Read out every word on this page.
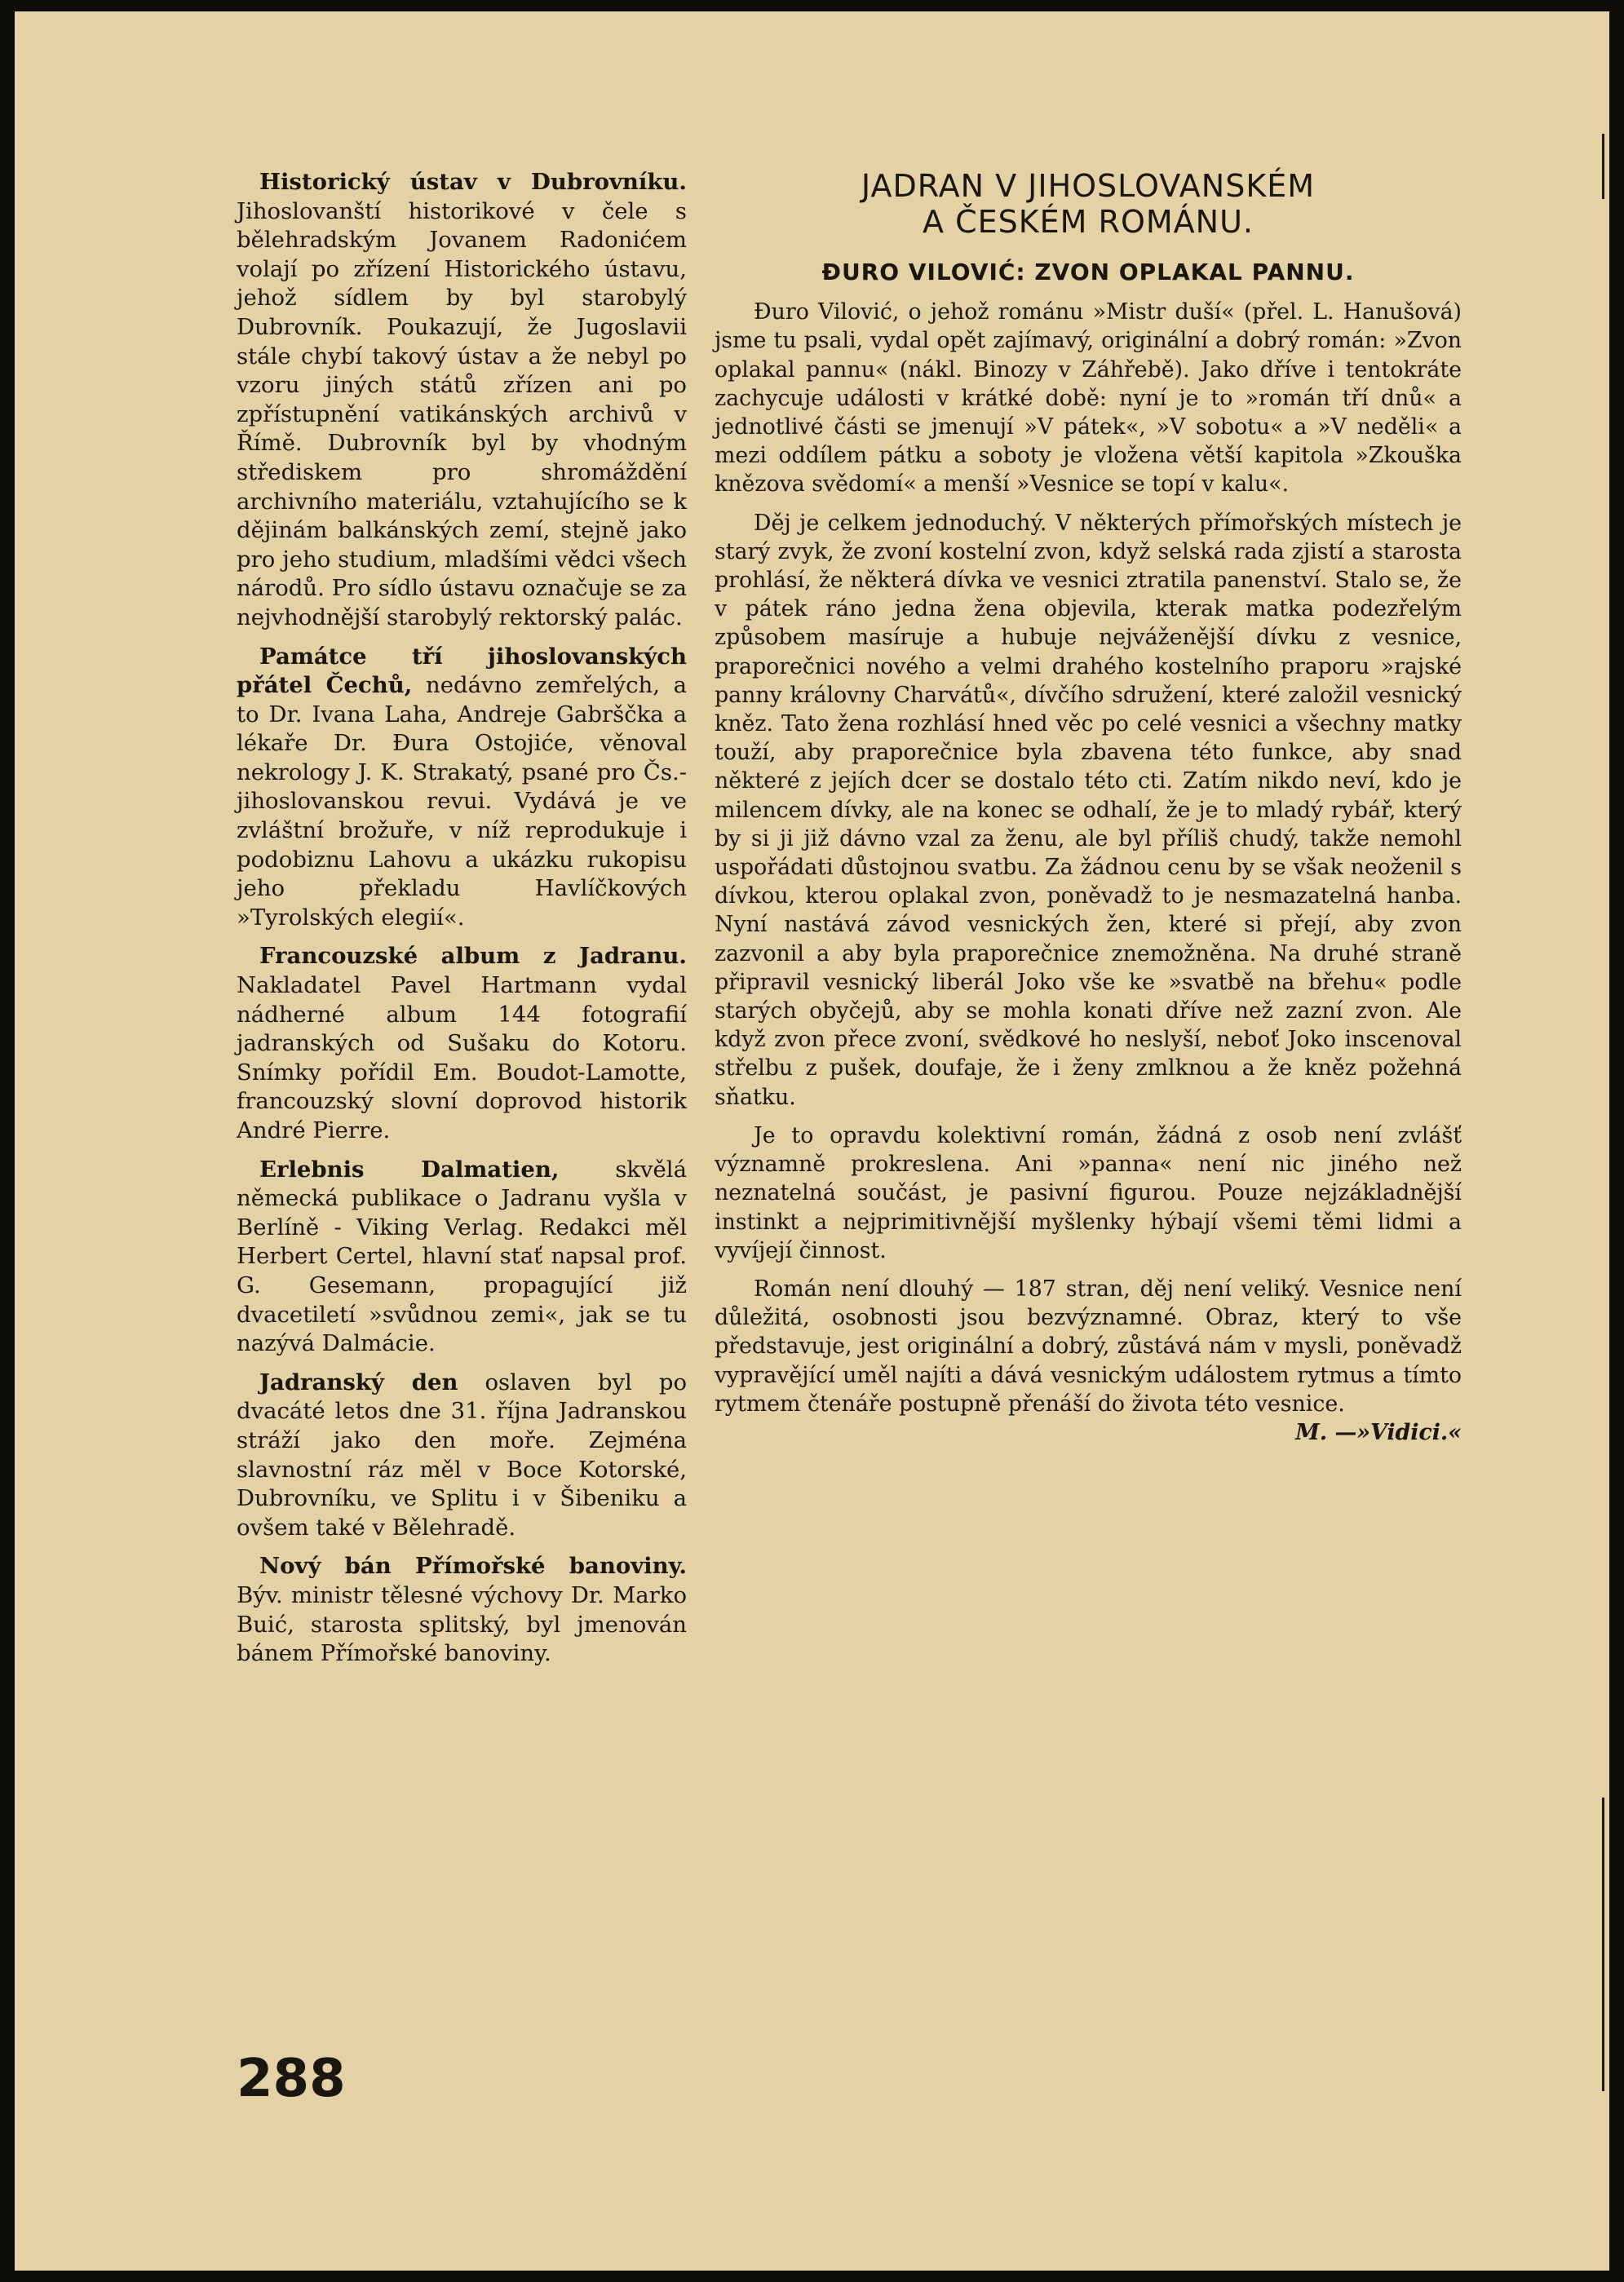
Historický ústav v Dubrovníku. Jihoslovanští historikové v čele s bělehradským Jovanem Radonićem volají po zřízení Historického ústavu, jehož sídlem by byl starobylý Dubrovník. Poukazují, že Jugoslavii stále chybí takový ústav a že nebyl po vzoru jiných států zřízen ani po zpřístupnění vatikánských archivů v Římě. Dubrovník byl by vhodným střediskem pro shromáždění archivního materiálu, vztahujícího se k dějinám balkánských zemí, stejně jako pro jeho studium, mladšími vědci všech národů. Pro sídlo ústavu označuje se za nejvhodnější starobylý rektorský palác.

Památce tří jihoslovanských přátel Čechů, nedávno zemřelých, a to Dr. Ivana Laha, Andreje Gabrščka a lékaře Dr. Đura Ostojiće, věnoval nekrology J. K. Strakatý, psané pro Čs.-jihoslovanskou revui. Vydává je ve zvláštní brožuře, v níž reprodukuje i podobiznu Lahovu a ukázku rukopisu jeho překladu Havlíčkových »Tyrolských elegií«.

Francouzské album z Jadranu. Nakladatel Pavel Hartmann vydal nádherné album 144 fotografií jadranských od Sušaku do Kotoru. Snímky pořídil Em. Boudot-Lamotte, francouzský slovní doprovod historik André Pierre.

Erlebnis Dalmatien,	skvělá německá publikace o Jadranu vyšla v Berlíně - Viking Verlag. Redakci měl Herbert Certel, hlavní stať napsal prof. G. Gesemann, propagující již dvacetiletí »svůdnou zemi«, jak se tu nazývá Dalmácie.

Jadranský den oslaven byl po dvacáté letos dne 31. října Jadranskou stráží jako den moře. Zejména slavnostní ráz měl v Boce Kotorské, Dubrovníku, ve Splitu i v Šibeniku a ovšem také v Bělehradě.

Nový bán Přímořské banoviny. Býv. ministr tělesné výchovy Dr. Marko Buić, starosta splitský, byl jmenován bánem Přímořské banoviny.

JADRAN V JIHOSLOVANSKÉM
A ČESKÉM ROMÁNU.
ĐURO VILOVIĆ: ZVON OPLAKAL PANNU.

Đuro Vilović, o jehož románu »Mistr duší« (přel. L. Hanušová) jsme tu psali, vydal opět zajímavý, originální a dobrý román: »Zvon oplakal pannu« (nákl. Binozy v Záhřebě). Jako dříve i tentokráte zachycuje události v krátké době: nyní je to »román tří dnů« a jednotlivé části se jmenují »V pátek«, »V sobotu« a »V neděli« a mezi oddílem pátku a soboty je vložena větší kapitola »Zkouška knězova svědomí« a menší »Vesnice se topí v kalu«.

Děj je celkem jednoduchý. V některých přímořských místech je starý zvyk, že zvoní kostelní zvon, když selská rada zjistí a starosta prohlásí, že některá dívka ve vesnici ztratila panenství. Stalo se, že v pátek ráno jedna žena objevila, kterak matka podezřelým způsobem masíruje a hubuje nejváženější dívku z vesnice, praporečnici nového a velmi drahého kostelního praporu »rajské panny královny Charvátů«, dívčího sdružení, které založil vesnický kněz. Tato žena rozhlásí hned věc po celé vesnici a všechny matky touží, aby praporečnice byla zbavena této funkce, aby snad některé z jejích dcer se dostalo této cti. Zatím nikdo neví, kdo je milencem dívky, ale na konec se odhalí, že je to mladý rybář, který by si ji již dávno vzal za ženu, ale byl příliš chudý, takže nemohl uspořádati důstojnou svatbu. Za žádnou cenu by se však neoženil s dívkou, kterou oplakal zvon, poněvadž to je nesmazatelná hanba. Nyní nastává závod vesnických žen, které si přejí, aby zvon zazvonil a aby byla praporečnice znemožněna. Na druhé straně připravil vesnický liberál Joko vše ke »svatbě na břehu« podle starých obyčejů, aby se mohla konati dříve než zazní zvon. Ale když zvon přece zvoní, svědkové ho neslyší, neboť Joko inscenoval střelbu z pušek, doufaje, že i ženy zmlknou a že kněz požehná sňatku.

Je to opravdu kolektivní román, žádná z osob není zvlášť významně prokreslena. Ani »panna« není nic jiného než neznatelná součást, je pasivní figurou. Pouze nejzákladnější instinkt a nejprimitivnější myšlenky hýbají všemi těmi lidmi a vyvíjejí činnost.

Román není dlouhý — 187 stran, děj není veliký. Vesnice není důležitá, osobnosti jsou bezvýznamné. Obraz, který to vše představuje, jest originální a dobrý, zůstává nám v mysli, poněvadž vypravějící uměl najíti a dává vesnickým událostem rytmus a tímto rytmem čtenáře postupně přenáší do života této vesnice.
M. —»Vidici.«

288
